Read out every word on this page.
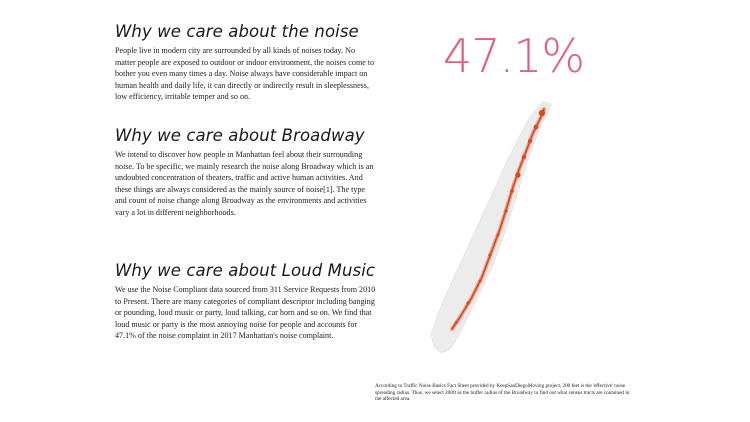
Why we care about the noise

People live in modern city are surrounded by all kinds of noises today. No matter people are exposed to outdoor or indoor environment, the noises come to bother you even many times a day. Noise always have considerable impact on human health and daily life, it can directly or indirectly result in sleeplessness, low efficiency, irritable temper and so on.

Why we care about Broadway

We intend to discover how people in Manhattan feel about their surrounding noise. To be specific, we mainly research the noise along Broadway which is an undoubted concentration of theaters, traffic and active human activities. And these things are always considered as the mainly source of noise[1]. The type and count of noise change along Broadway as the environments and activities vary a lot in different neighborhoods.

Why we care about Loud Music

We use the Noise Compliant data sourced from 311 Service Requests from 2010 to Present. There are many categories of compliant descriptor including banging or pounding, loud music or party, loud talking, car horn and so on. We find that loud music or party is the most annoying noise for people and accounts for 47.1% of the noise complaint in 2017 Manhattan's noise complaint.

47.1%
According to Traffic Noise Basics Fact Sheet provided by KeepSanDiegoMoving project, 200 feet is the 'effective' noise spreading radius. Thus, we select 200ft as the buffer radius of the Broadway to find out what census tracts are contained in the affected area.
